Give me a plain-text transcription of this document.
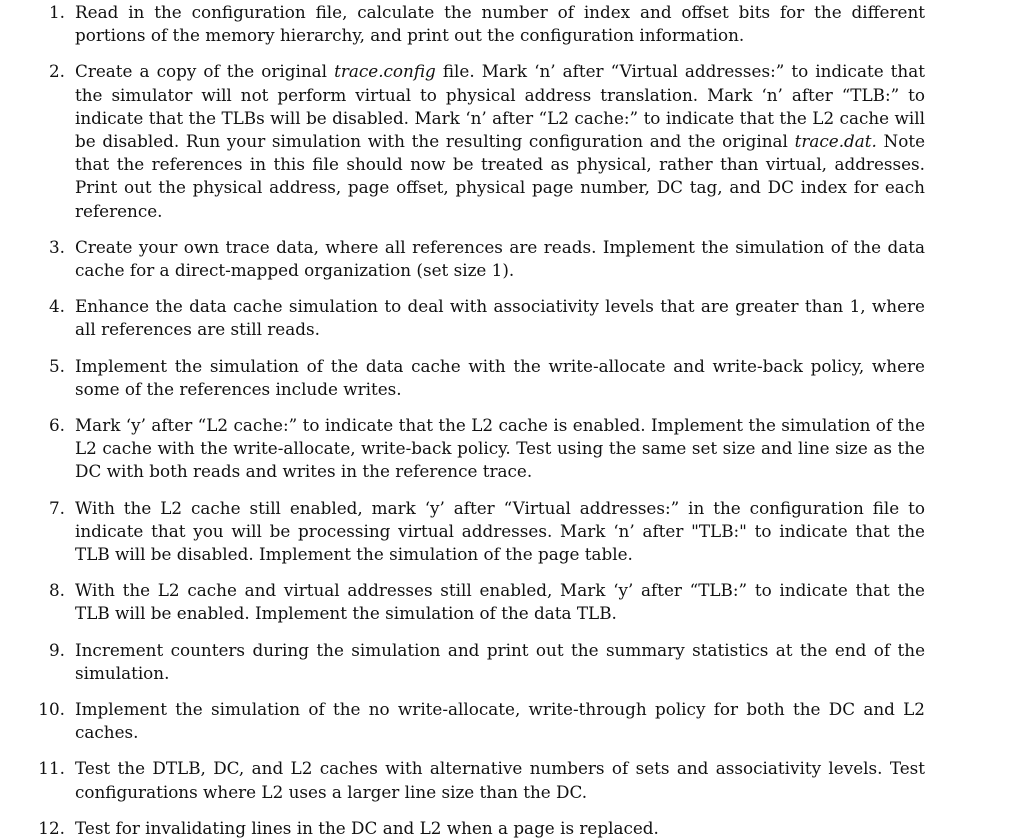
1. Read in the configuration file, calculate the number of index and offset bits for the different portions of the memory hierarchy, and print out the configuration information.
2. Create a copy of the original trace.config file. Mark ‘n’ after “Virtual addresses:” to indicate that the simulator will not perform virtual to physical address translation. Mark ‘n’ after “TLB:” to indicate that the TLBs will be disabled. Mark ‘n’ after “L2 cache:” to indicate that the L2 cache will be disabled. Run your simulation with the resulting configuration and the original trace.dat. Note that the references in this file should now be treated as physical, rather than virtual, addresses. Print out the physical address, page offset, physical page number, DC tag, and DC index for each reference.
3. Create your own trace data, where all references are reads. Implement the simulation of the data cache for a direct-mapped organization (set size 1).
4. Enhance the data cache simulation to deal with associativity levels that are greater than 1, where all references are still reads.
5. Implement the simulation of the data cache with the write-allocate and write-back policy, where some of the references include writes.
6. Mark ‘y’ after “L2 cache:” to indicate that the L2 cache is enabled. Implement the simulation of the L2 cache with the write-allocate, write-back policy. Test using the same set size and line size as the DC with both reads and writes in the reference trace.
7. With the L2 cache still enabled, mark ‘y’ after “Virtual addresses:” in the configuration file to indicate that you will be processing virtual addresses. Mark ‘n’ after "TLB:" to indicate that the TLB will be disabled. Implement the simulation of the page table.
8. With the L2 cache and virtual addresses still enabled, Mark ‘y’ after “TLB:” to indicate that the TLB will be enabled. Implement the simulation of the data TLB.
9. Increment counters during the simulation and print out the summary statistics at the end of the simulation.
10. Implement the simulation of the no write-allocate, write-through policy for both the DC and L2 caches.
11. Test the DTLB, DC, and L2 caches with alternative numbers of sets and associativity levels. Test configurations where L2 uses a larger line size than the DC.
12. Test for invalidating lines in the DC and L2 when a page is replaced.
